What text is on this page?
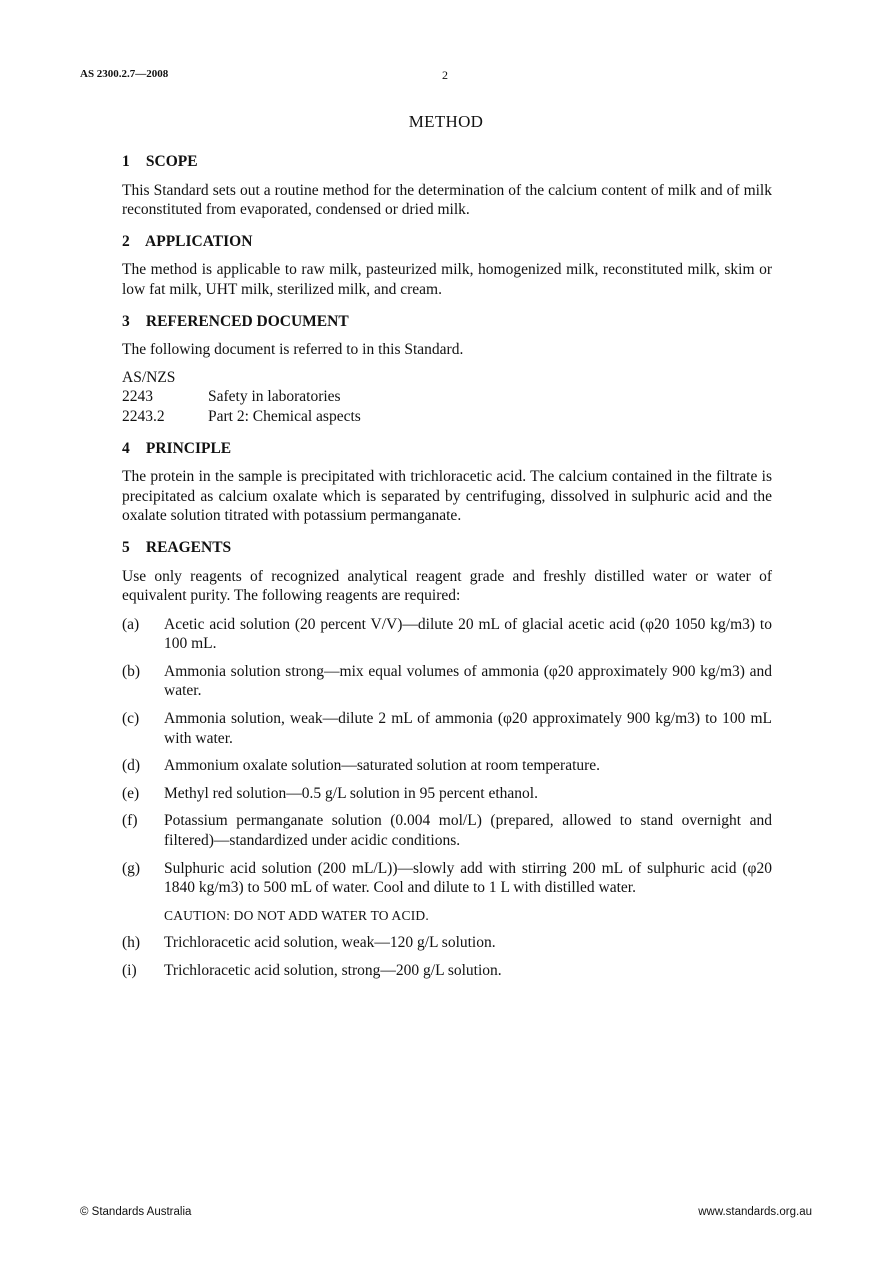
AS 2300.2.7—2008	2
METHOD
1 SCOPE

This Standard sets out a routine method for the determination of the calcium content of milk and of milk reconstituted from evaporated, condensed or dried milk.

2 APPLICATION

The method is applicable to raw milk, pasteurized milk, homogenized milk, reconstituted milk, skim or low fat milk, UHT milk, sterilized milk, and cream.

3 REFERENCED DOCUMENT

The following document is referred to in this Standard.

AS/NZS
2243	Safety in laboratories
2243.2	Part 2: Chemical aspects
4 PRINCIPLE

The protein in the sample is precipitated with trichloracetic acid. The calcium contained in the filtrate is precipitated as calcium oxalate which is separated by centrifuging, dissolved in sulphuric acid and the oxalate solution titrated with potassium permanganate.

5 REAGENTS

Use only reagents of recognized analytical reagent grade and freshly distilled water or water of equivalent purity. The following reagents are required:

(a)	Acetic acid solution (20 percent V/V)—dilute 20 mL of glacial acetic acid (φ20 1050 kg/m3) to 100 mL.
(b)	Ammonia solution strong—mix equal volumes of ammonia (φ20 approximately 900 kg/m3) and water.
(c)	Ammonia solution, weak—dilute 2 mL of ammonia (φ20 approximately 900 kg/m3) to 100 mL with water.
(d)	Ammonium oxalate solution—saturated solution at room temperature.
(e)	Methyl red solution—0.5 g/L solution in 95 percent ethanol.
(f)	Potassium permanganate solution (0.004 mol/L) (prepared, allowed to stand overnight and filtered)—standardized under acidic conditions.
(g)	Sulphuric acid solution (200 mL/L))—slowly add with stirring 200 mL of sulphuric acid (φ20 1840 kg/m3) to 500 mL of water. Cool and dilute to 1 L with distilled water.
CAUTION: DO NOT ADD WATER TO ACID.
(h)	Trichloracetic acid solution, weak—120 g/L solution.
(i)	Trichloracetic acid solution, strong—200 g/L solution.
© Standards Australia	www.standards.org.au
